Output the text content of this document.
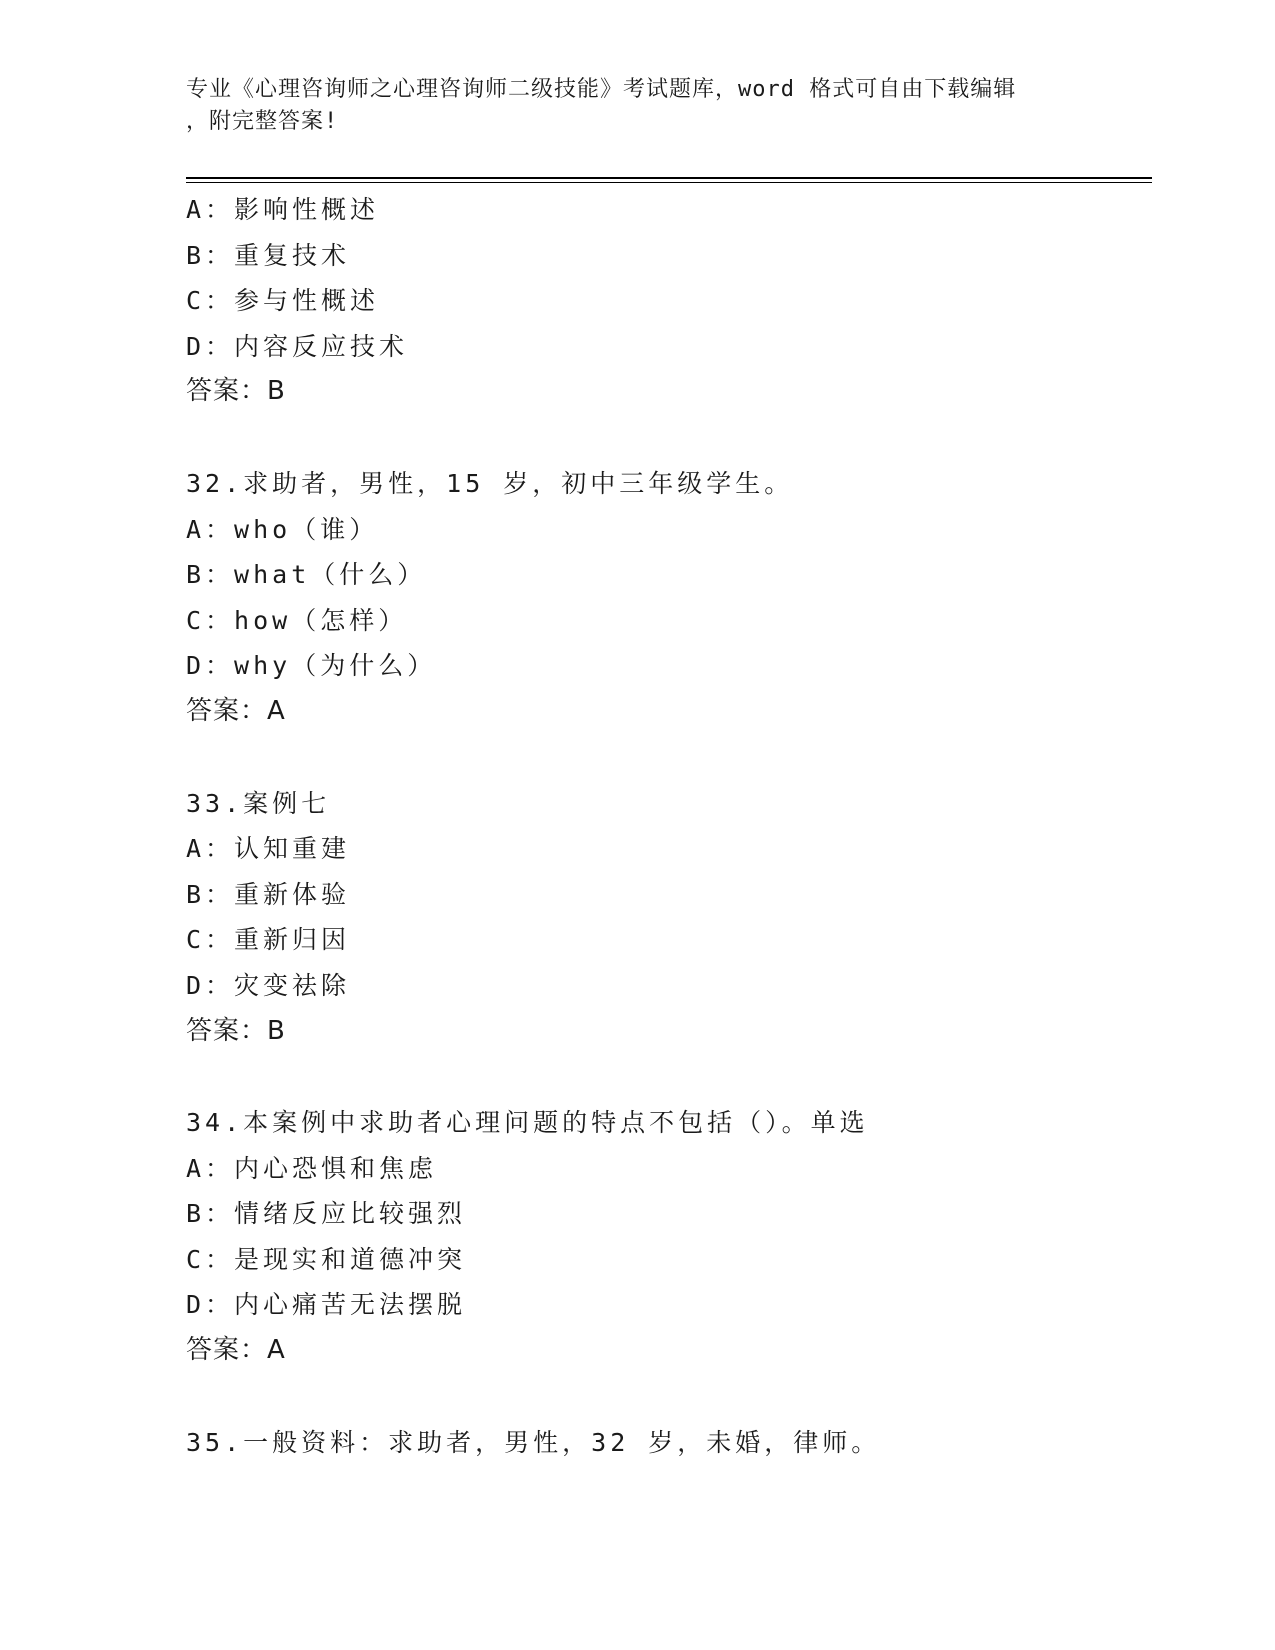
专业《心理咨询师之心理咨询师二级技能》考试题库，word 格式可自由下载编辑
，附完整答案!
A：影响性概述
B：重复技术
C：参与性概述
D：内容反应技术
答案：B
32.求助者，男性，15 岁，初中三年级学生。
A：who（谁）
B：what（什么）
C：how（怎样）
D：why（为什么）
答案：A
33.案例七
A：认知重建
B：重新体验
C：重新归因
D：灾变祛除
答案：B
34.本案例中求助者心理问题的特点不包括（）。单选
A：内心恐惧和焦虑
B：情绪反应比较强烈
C：是现实和道德冲突
D：内心痛苦无法摆脱
答案：A
35.一般资料：求助者，男性，32 岁，未婚，律师。
